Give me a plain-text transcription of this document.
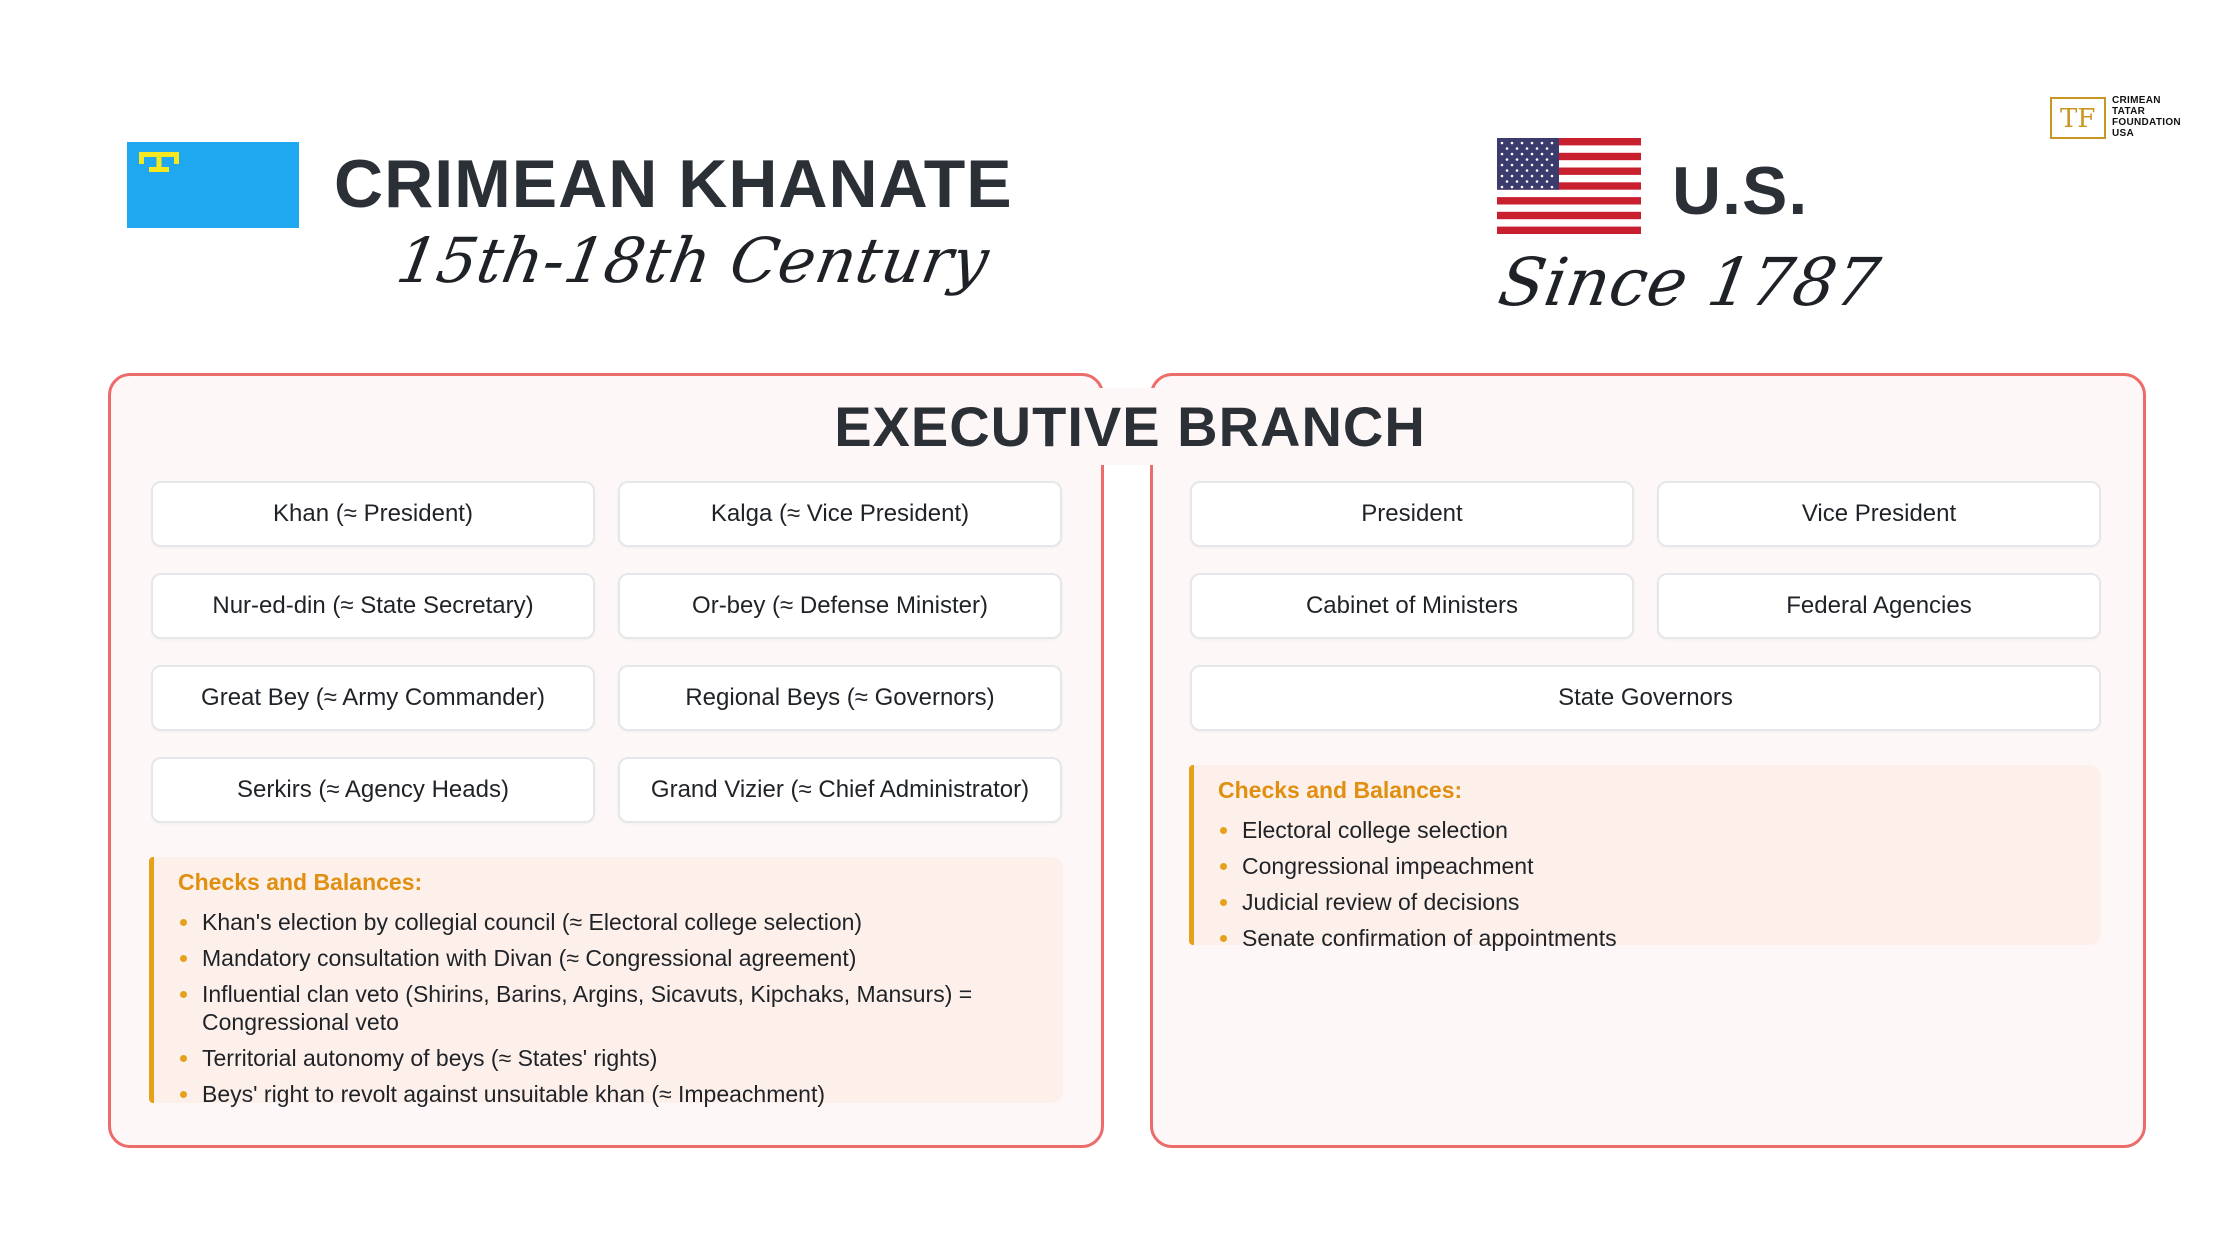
CRIMEAN KHANATE
15th-18th Century
U.S.
Since 1787
TF
CRIMEAN
TATAR
FOUNDATION
USA
EXECUTIVE BRANCH
Khan (≈ President)	Kalga (≈ Vice President)
Nur-ed-din (≈ State Secretary)	Or-bey (≈ Defense Minister)
Great Bey (≈ Army Commander)	Regional Beys (≈ Governors)
Serkirs (≈ Agency Heads)	Grand Vizier (≈ Chief Administrator)
Checks and Balances:
Khan's election by collegial council (≈ Electoral college selection)
Mandatory consultation with Divan (≈ Congressional agreement)
Influential clan veto (Shirins, Barins, Argins, Sicavuts, Kipchaks, Mansurs) = Congressional veto
Territorial autonomy of beys (≈ States' rights)
Beys' right to revolt against unsuitable khan (≈ Impeachment)
President	Vice President
Cabinet of Ministers	Federal Agencies
State Governors
Checks and Balances:
Electoral college selection
Congressional impeachment
Judicial review of decisions
Senate confirmation of appointments
